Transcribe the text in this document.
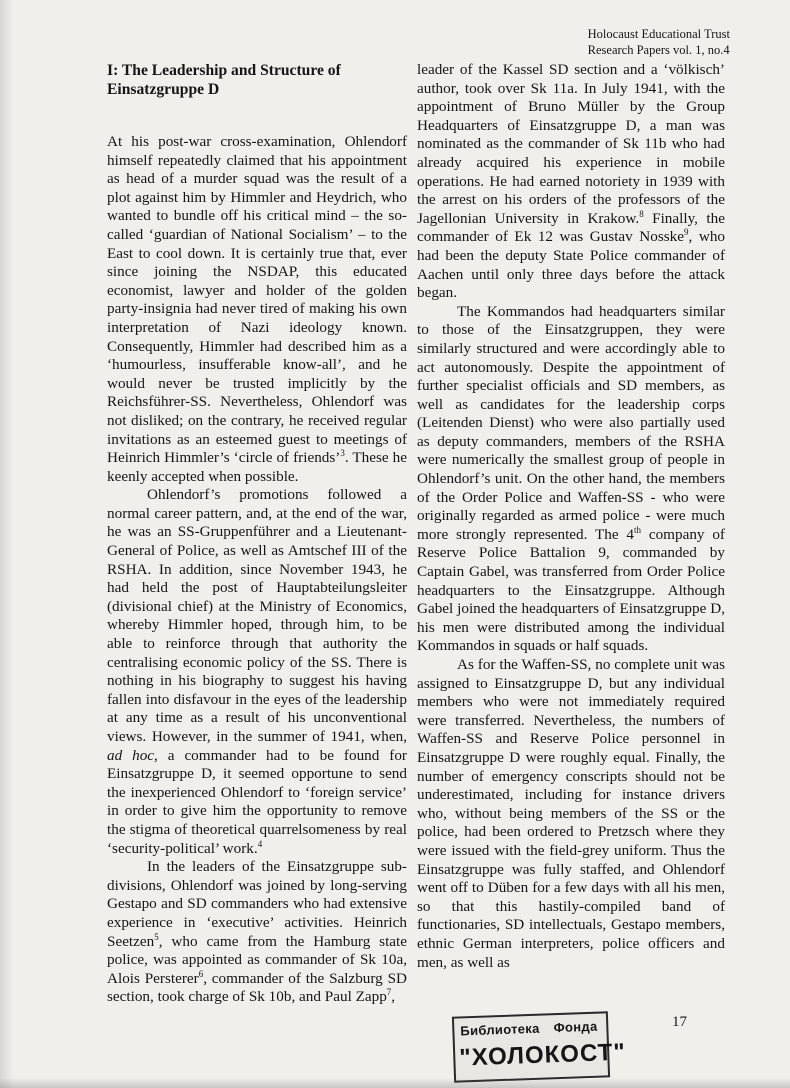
Holocaust Educational Trust
Research Papers vol. 1, no.4
I: The Leadership and Structure of Einsatzgruppe D

At his post-war cross-examination, Ohlendorf himself repeatedly claimed that his appointment as head of a murder squad was the result of a plot against him by Himmler and Heydrich, who wanted to bundle off his critical mind – the so-called ‘guardian of National Socialism’ – to the East to cool down. It is certainly true that, ever since joining the NSDAP, this educated economist, lawyer and holder of the golden party-insignia had never tired of making his own interpretation of Nazi ideology known. Consequently, Himmler had described him as a ‘humourless, insufferable know-all’, and he would never be trusted implicitly by the Reichsführer-SS. Nevertheless, Ohlendorf was not disliked; on the contrary, he received regular invitations as an esteemed guest to meetings of Heinrich Himmler’s ‘circle of friends’$^3$. These he keenly accepted when possible.

Ohlendorf’s promotions followed a normal career pattern, and, at the end of the war, he was an SS-Gruppenführer and a Lieutenant-General of Police, as well as Amtschef III of the RSHA. In addition, since November 1943, he had held the post of Hauptabteilungsleiter (divisional chief) at the Ministry of Economics, whereby Himmler hoped, through him, to be able to reinforce through that authority the centralising economic policy of the SS. There is nothing in his biography to suggest his having fallen into disfavour in the eyes of the leadership at any time as a result of his unconventional views. However, in the summer of 1941, when, ad hoc, a commander had to be found for Einsatzgruppe D, it seemed opportune to send the inexperienced Ohlendorf to ‘foreign service’ in order to give him the opportunity to remove the stigma of theoretical quarrelsomeness by real ‘security-political’ work.$^4$

In the leaders of the Einsatzgruppe sub-divisions, Ohlendorf was joined by long-serving Gestapo and SD commanders who had extensive experience in ‘executive’ activities. Heinrich Seetzen$^5$, who came from the Hamburg state police, was appointed as commander of Sk 10a, Alois Persterer$^6$, commander of the Salzburg SD section, took charge of Sk 10b, and Paul Zapp$^7$,

leader of the Kassel SD section and a ‘völkisch’ author, took over Sk 11a. In July 1941, with the appointment of Bruno Müller by the Group Headquarters of Einsatzgruppe D, a man was nominated as the commander of Sk 11b who had already acquired his experience in mobile operations. He had earned notoriety in 1939 with the arrest on his orders of the professors of the Jagellonian University in Krakow.$^8$ Finally, the commander of Ek 12 was Gustav Nosske$^9$, who had been the deputy State Police commander of Aachen until only three days before the attack began.

The Kommandos had headquarters similar to those of the Einsatzgruppen, they were similarly structured and were accordingly able to act autonomously. Despite the appointment of further specialist officials and SD members, as well as candidates for the leadership corps (Leitenden Dienst) who were also partially used as deputy commanders, members of the RSHA were numerically the smallest group of people in Ohlendorf’s unit. On the other hand, the members of the Order Police and Waffen-SS - who were originally regarded as armed police - were much more strongly represented. The 4th company of Reserve Police Battalion 9, commanded by Captain Gabel, was transferred from Order Police headquarters to the Einsatzgruppe. Although Gabel joined the headquarters of Einsatzgruppe D, his men were distributed among the individual Kommandos in squads or half squads.

As for the Waffen-SS, no complete unit was assigned to Einsatzgruppe D, but any individual members who were not immediately required were transferred. Nevertheless, the numbers of Waffen-SS and Reserve Police personnel in Einsatzgruppe D were roughly equal. Finally, the number of emergency conscripts should not be underestimated, including for instance drivers who, without being members of the SS or the police, had been ordered to Pretzsch where they were issued with the field-grey uniform. Thus the Einsatzgruppe was fully staffed, and Ohlendorf went off to Düben for a few days with all his men, so that this hastily-compiled band of functionaries, SD intellectuals, Gestapo members, ethnic German interpreters, police officers and men, as well as

Библиотека Фонда
"ХОЛОКОСТ"
17
